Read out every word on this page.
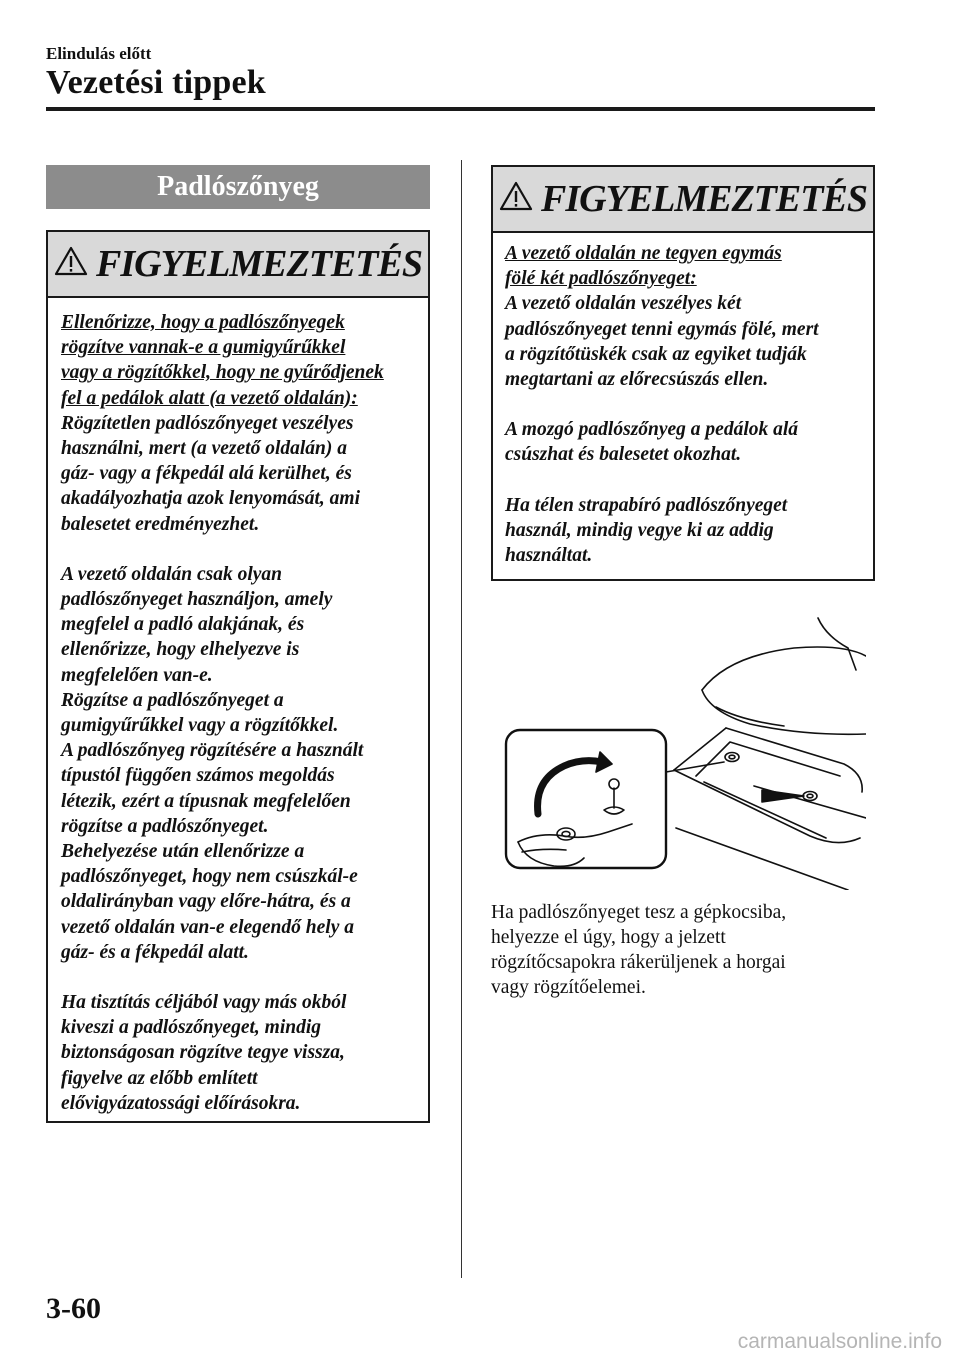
Elindulás előtt
Vezetési tippek
Padlószőnyeg
FIGYELMEZTETÉS

Ellenőrizze, hogy a padlószőnyegek
rögzítve vannak-e a gumigyűrűkkel
vagy a rögzítőkkel, hogy ne gyűrődjenek
fel a pedálok alatt (a vezető oldalán):

Rögzítetlen padlószőnyeget veszélyes
használni, mert (a vezető oldalán) a
gáz- vagy a fékpedál alá kerülhet, és
akadályozhatja azok lenyomását, ami
balesetet eredményezhet.

A vezető oldalán csak olyan
padlószőnyeget használjon, amely
megfelel a padló alakjának, és
ellenőrizze, hogy elhelyezve is
megfelelően van-e.
Rögzítse a padlószőnyeget a
gumigyűrűkkel vagy a rögzítőkkel.
A padlószőnyeg rögzítésére a használt
típustól függően számos megoldás
létezik, ezért a típusnak megfelelően
rögzítse a padlószőnyeget.
Behelyezése után ellenőrizze a
padlószőnyeget, hogy nem csúszkál-e
oldalirányban vagy előre-hátra, és a
vezető oldalán van-e elegendő hely a
gáz- és a fékpedál alatt.

Ha tisztítás céljából vagy más okból
kiveszi a padlószőnyeget, mindig
biztonságosan rögzítve tegye vissza,
figyelve az előbb említett
elővigyázatossági előírásokra.

FIGYELMEZTETÉS

A vezető oldalán ne tegyen egymás
fölé két padlószőnyeget:

A vezető oldalán veszélyes két
padlószőnyeget tenni egymás fölé, mert
a rögzítőtüskék csak az egyiket tudják
megtartani az előrecsúszás ellen.

A mozgó padlószőnyeg a pedálok alá
csúszhat és balesetet okozhat.

Ha télen strapabíró padlószőnyeget
használ, mindig vegye ki az addig
használtat.

Ha padlószőnyeget tesz a gépkocsiba,
helyezze el úgy, hogy a jelzett
rögzítőcsapokra rákerüljenek a horgai
vagy rögzítőelemei.
3-60
carmanualsonline.info
